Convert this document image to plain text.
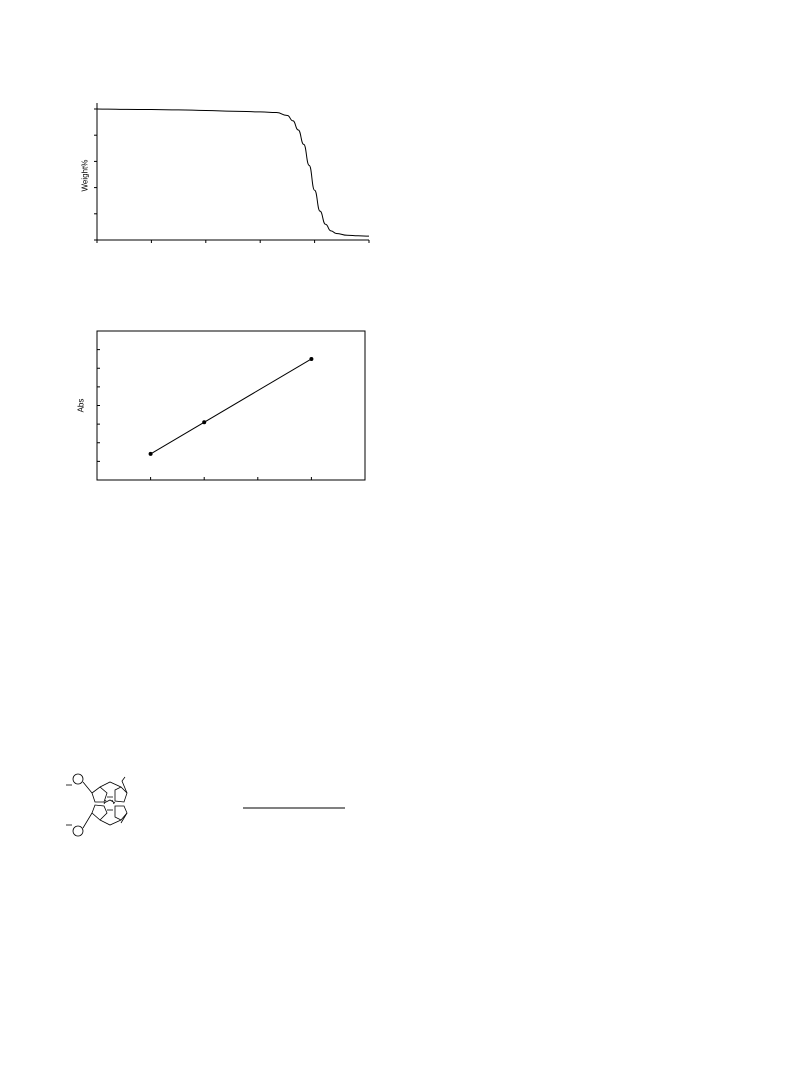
Weight%
Abs
